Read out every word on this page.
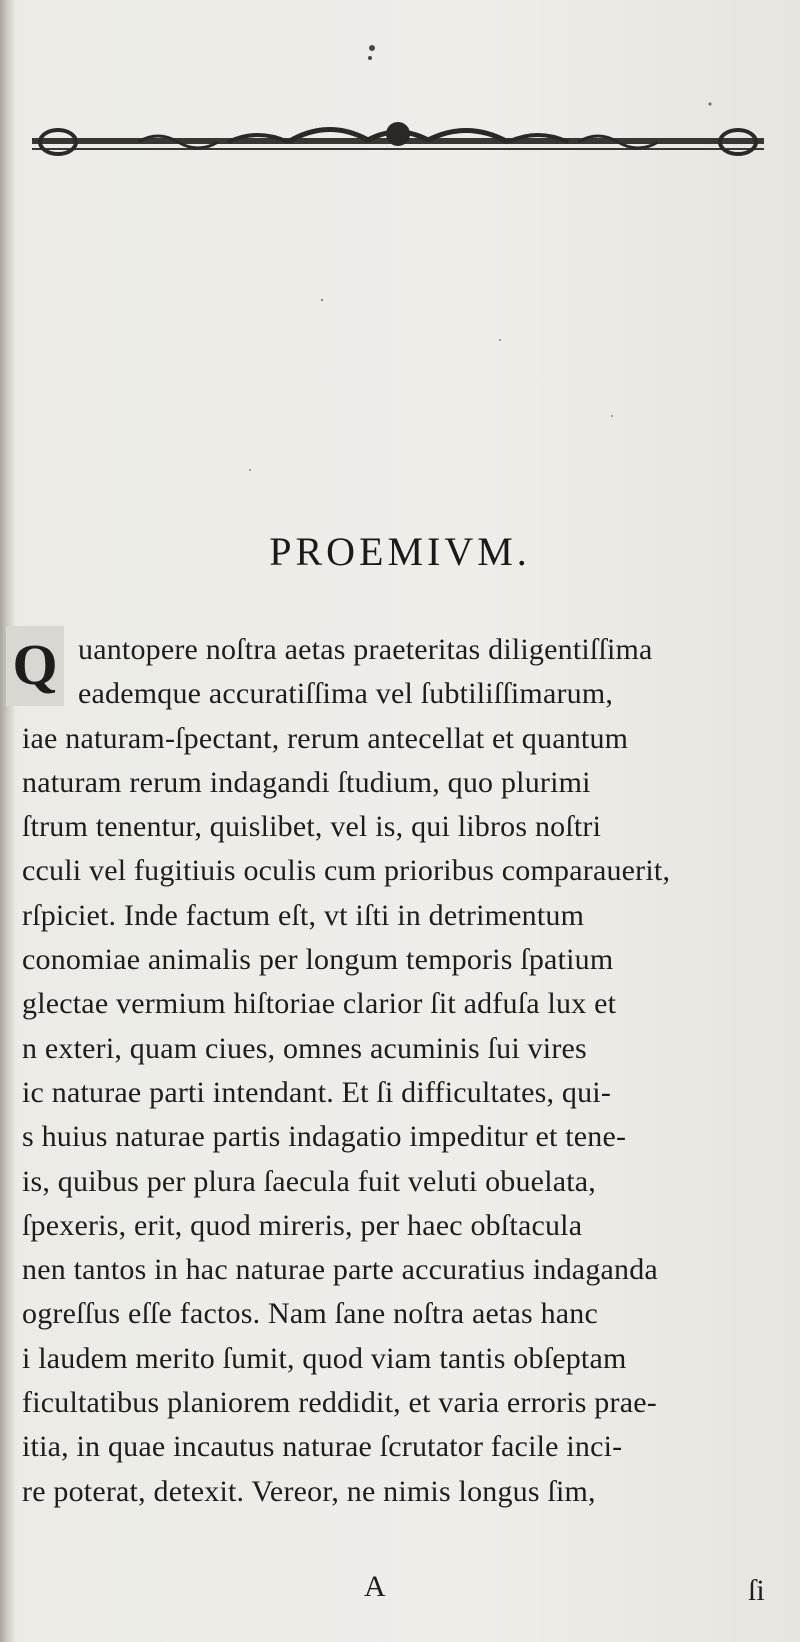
PROEMIVM.
Q uantopere noſtra aetas praeteritas diligentiſſima
eademque accuratiſſima vel ſubtiliſſimarum,
iae naturam-ſpectant, rerum antecellat et quantum
naturam rerum indagandi ſtudium, quo plurimi
ſtrum tenentur, quislibet, vel is, qui libros noſtri
cculi vel fugitiuis oculis cum prioribus comparauerit,
rſpiciet. Inde factum eſt, vt iſti in detrimentum
conomiae animalis per longum temporis ſpatium
glectae vermium hiſtoriae clarior ſit adfuſa lux et
n exteri, quam ciues, omnes acuminis ſui vires
ic naturae parti intendant. Et ſi difficultates, qui-
s huius naturae partis indagatio impeditur et tene-
is, quibus per plura ſaecula fuit veluti obuelata,
ſpexeris, erit, quod mireris, per haec obſtacula
nen tantos in hac naturae parte accuratius indaganda
ogreſſus eſſe factos. Nam ſane noſtra aetas hanc
i laudem merito ſumit, quod viam tantis obſeptam
ficultatibus planiorem reddidit, et varia erroris prae-
itia, in quae incautus naturae ſcrutator facile inci-
re poterat, detexit. Vereor, ne nimis longus ſim,
A	ſi
